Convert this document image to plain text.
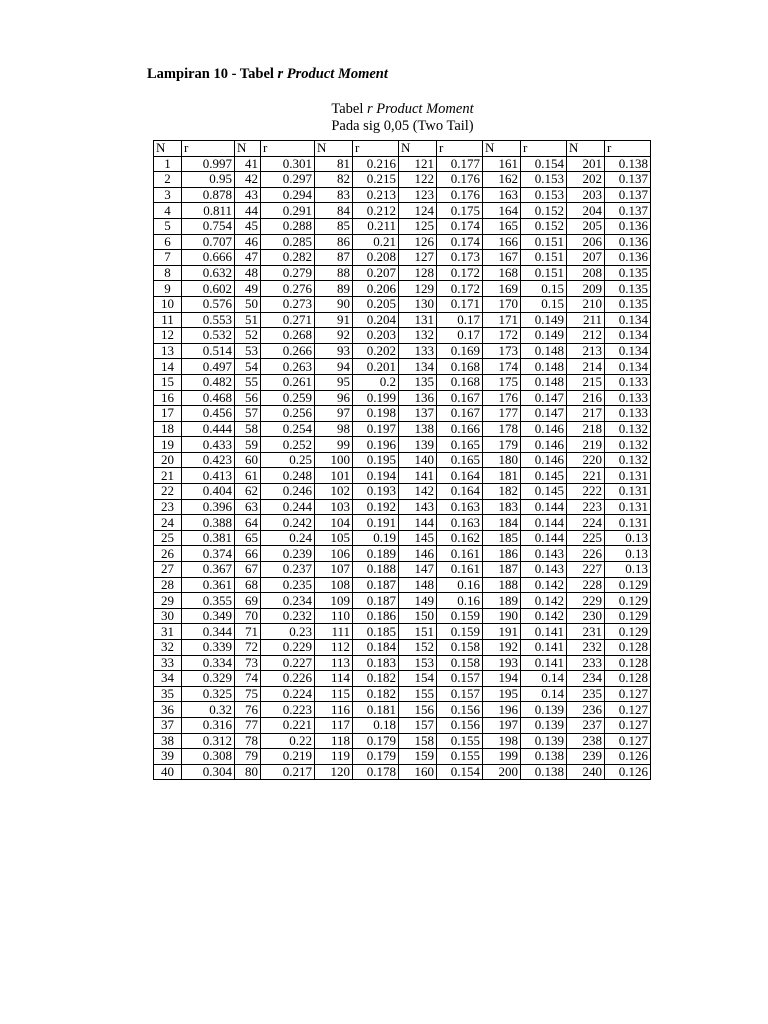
Lampiran 10 - Tabel r Product Moment
Tabel r Product Moment
Pada sig 0,05 (Two Tail)
N	r	N	r	N	r	N	r	N	r	N	r
1	0.997	41	0.301	81	0.216	121	0.177	161	0.154	201	0.138
2	0.95	42	0.297	82	0.215	122	0.176	162	0.153	202	0.137
3	0.878	43	0.294	83	0.213	123	0.176	163	0.153	203	0.137
4	0.811	44	0.291	84	0.212	124	0.175	164	0.152	204	0.137
5	0.754	45	0.288	85	0.211	125	0.174	165	0.152	205	0.136
6	0.707	46	0.285	86	0.21	126	0.174	166	0.151	206	0.136
7	0.666	47	0.282	87	0.208	127	0.173	167	0.151	207	0.136
8	0.632	48	0.279	88	0.207	128	0.172	168	0.151	208	0.135
9	0.602	49	0.276	89	0.206	129	0.172	169	0.15	209	0.135
10	0.576	50	0.273	90	0.205	130	0.171	170	0.15	210	0.135
11	0.553	51	0.271	91	0.204	131	0.17	171	0.149	211	0.134
12	0.532	52	0.268	92	0.203	132	0.17	172	0.149	212	0.134
13	0.514	53	0.266	93	0.202	133	0.169	173	0.148	213	0.134
14	0.497	54	0.263	94	0.201	134	0.168	174	0.148	214	0.134
15	0.482	55	0.261	95	0.2	135	0.168	175	0.148	215	0.133
16	0.468	56	0.259	96	0.199	136	0.167	176	0.147	216	0.133
17	0.456	57	0.256	97	0.198	137	0.167	177	0.147	217	0.133
18	0.444	58	0.254	98	0.197	138	0.166	178	0.146	218	0.132
19	0.433	59	0.252	99	0.196	139	0.165	179	0.146	219	0.132
20	0.423	60	0.25	100	0.195	140	0.165	180	0.146	220	0.132
21	0.413	61	0.248	101	0.194	141	0.164	181	0.145	221	0.131
22	0.404	62	0.246	102	0.193	142	0.164	182	0.145	222	0.131
23	0.396	63	0.244	103	0.192	143	0.163	183	0.144	223	0.131
24	0.388	64	0.242	104	0.191	144	0.163	184	0.144	224	0.131
25	0.381	65	0.24	105	0.19	145	0.162	185	0.144	225	0.13
26	0.374	66	0.239	106	0.189	146	0.161	186	0.143	226	0.13
27	0.367	67	0.237	107	0.188	147	0.161	187	0.143	227	0.13
28	0.361	68	0.235	108	0.187	148	0.16	188	0.142	228	0.129
29	0.355	69	0.234	109	0.187	149	0.16	189	0.142	229	0.129
30	0.349	70	0.232	110	0.186	150	0.159	190	0.142	230	0.129
31	0.344	71	0.23	111	0.185	151	0.159	191	0.141	231	0.129
32	0.339	72	0.229	112	0.184	152	0.158	192	0.141	232	0.128
33	0.334	73	0.227	113	0.183	153	0.158	193	0.141	233	0.128
34	0.329	74	0.226	114	0.182	154	0.157	194	0.14	234	0.128
35	0.325	75	0.224	115	0.182	155	0.157	195	0.14	235	0.127
36	0.32	76	0.223	116	0.181	156	0.156	196	0.139	236	0.127
37	0.316	77	0.221	117	0.18	157	0.156	197	0.139	237	0.127
38	0.312	78	0.22	118	0.179	158	0.155	198	0.139	238	0.127
39	0.308	79	0.219	119	0.179	159	0.155	199	0.138	239	0.126
40	0.304	80	0.217	120	0.178	160	0.154	200	0.138	240	0.126
